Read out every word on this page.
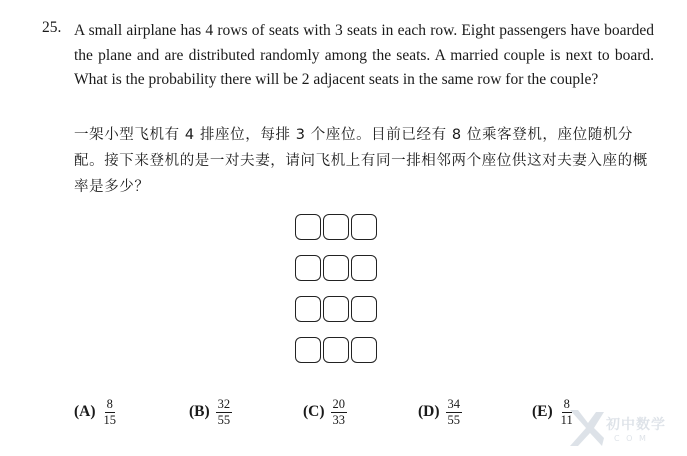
25. A small airplane has 4 rows of seats with 3 seats in each row. Eight passengers have boarded the plane and are distributed randomly among the seats. A married couple is next to board. What is the probability there will be 2 adjacent seats in the same row for the couple?
一架小型飞机有 4 排座位，每排 3 个座位。目前已经有 8 位乘客登机，座位随机分配。接下来登机的是一对夫妻，请问飞机上有同一排相邻两个座位供这对夫妻入座的概率是多少？
$(A) \frac{8}{15}$	$(B) \frac{32}{55}$	$(C) \frac{20}{33}$	$(D) \frac{34}{55}$	$(E) \frac{8}{11}$ 初中数学
C O M
